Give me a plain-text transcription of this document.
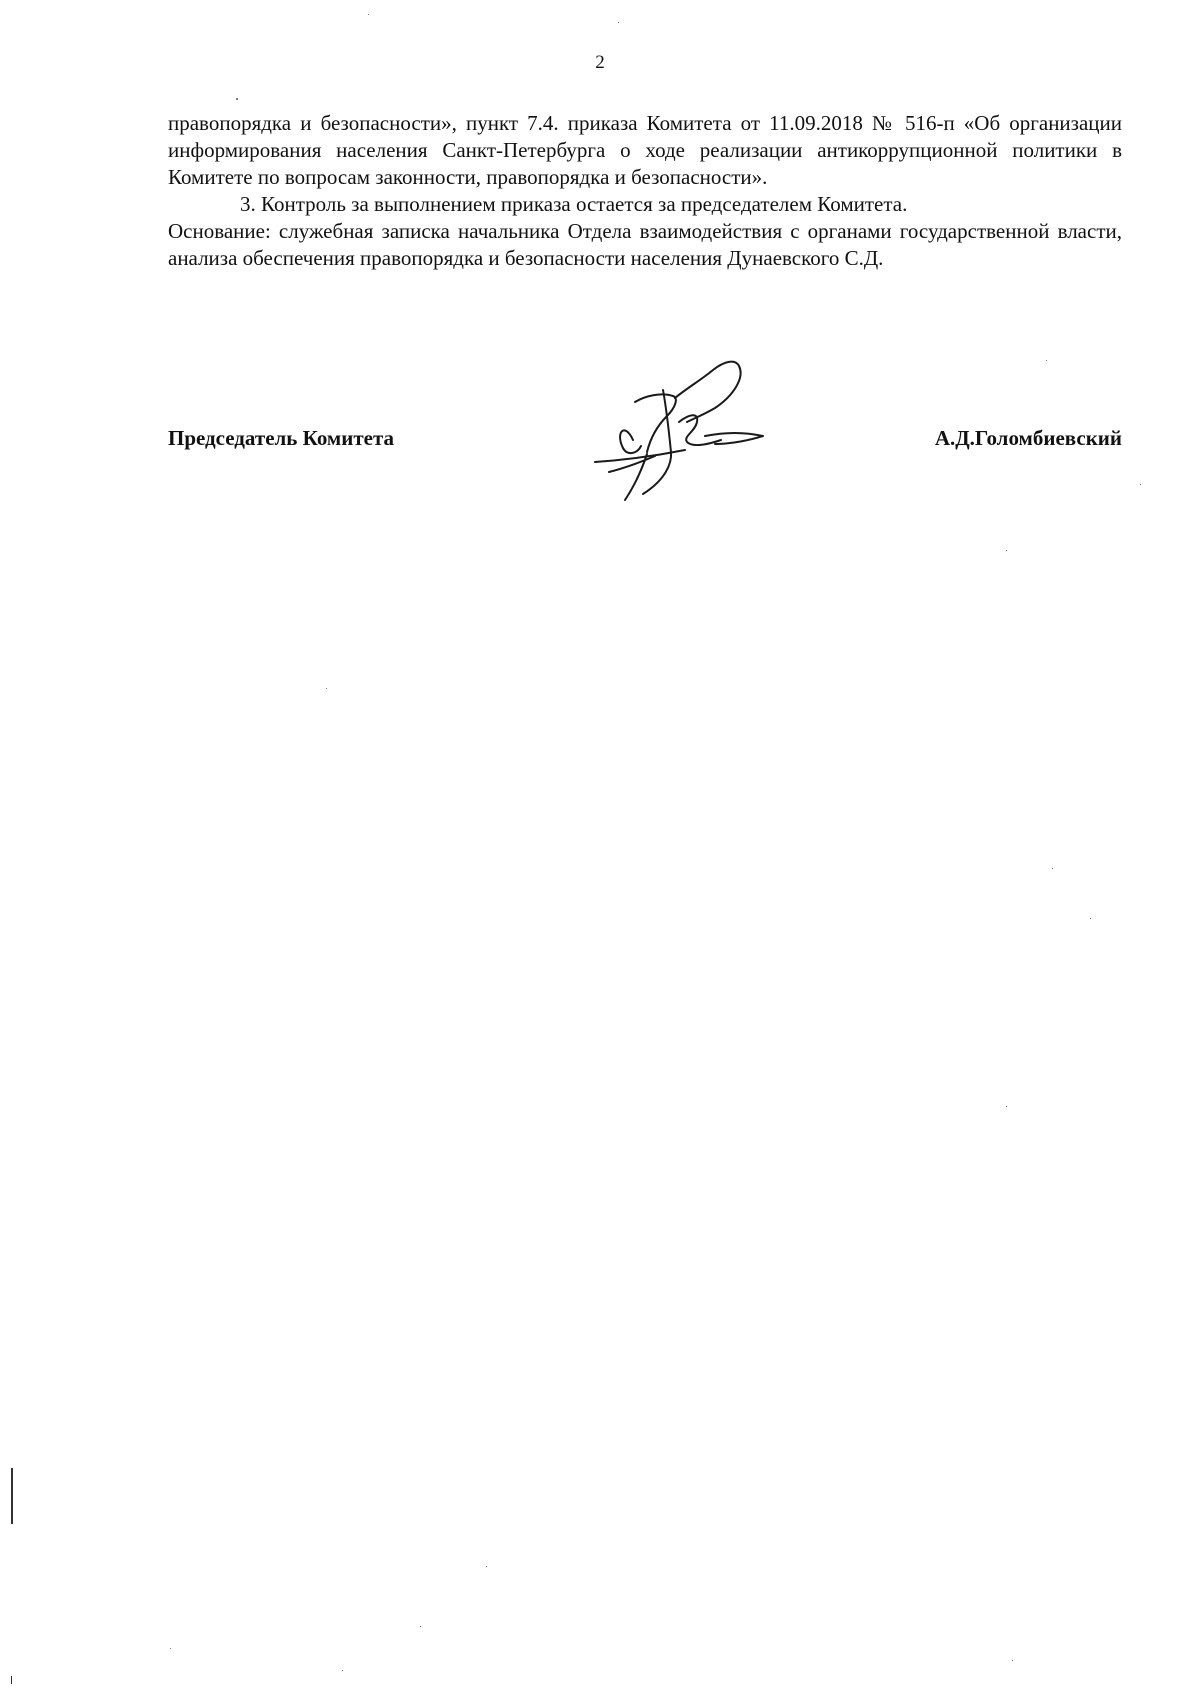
2

правопорядка и безопасности», пункт 7.4. приказа Комитета от 11.09.2018 № 516-п «Об организации информирования населения Санкт-Петербурга о ходе реализации антикоррупционной политики в Комитете по вопросам законности, правопорядка и безопасности».

3. Контроль за выполнением приказа остается за председателем Комитета.

Основание: служебная записка начальника Отдела взаимодействия с органами государственной власти, анализа обеспечения правопорядка и безопасности населения Дунаевского С.Д.

Председатель Комитета	А.Д.Голомбиевский
